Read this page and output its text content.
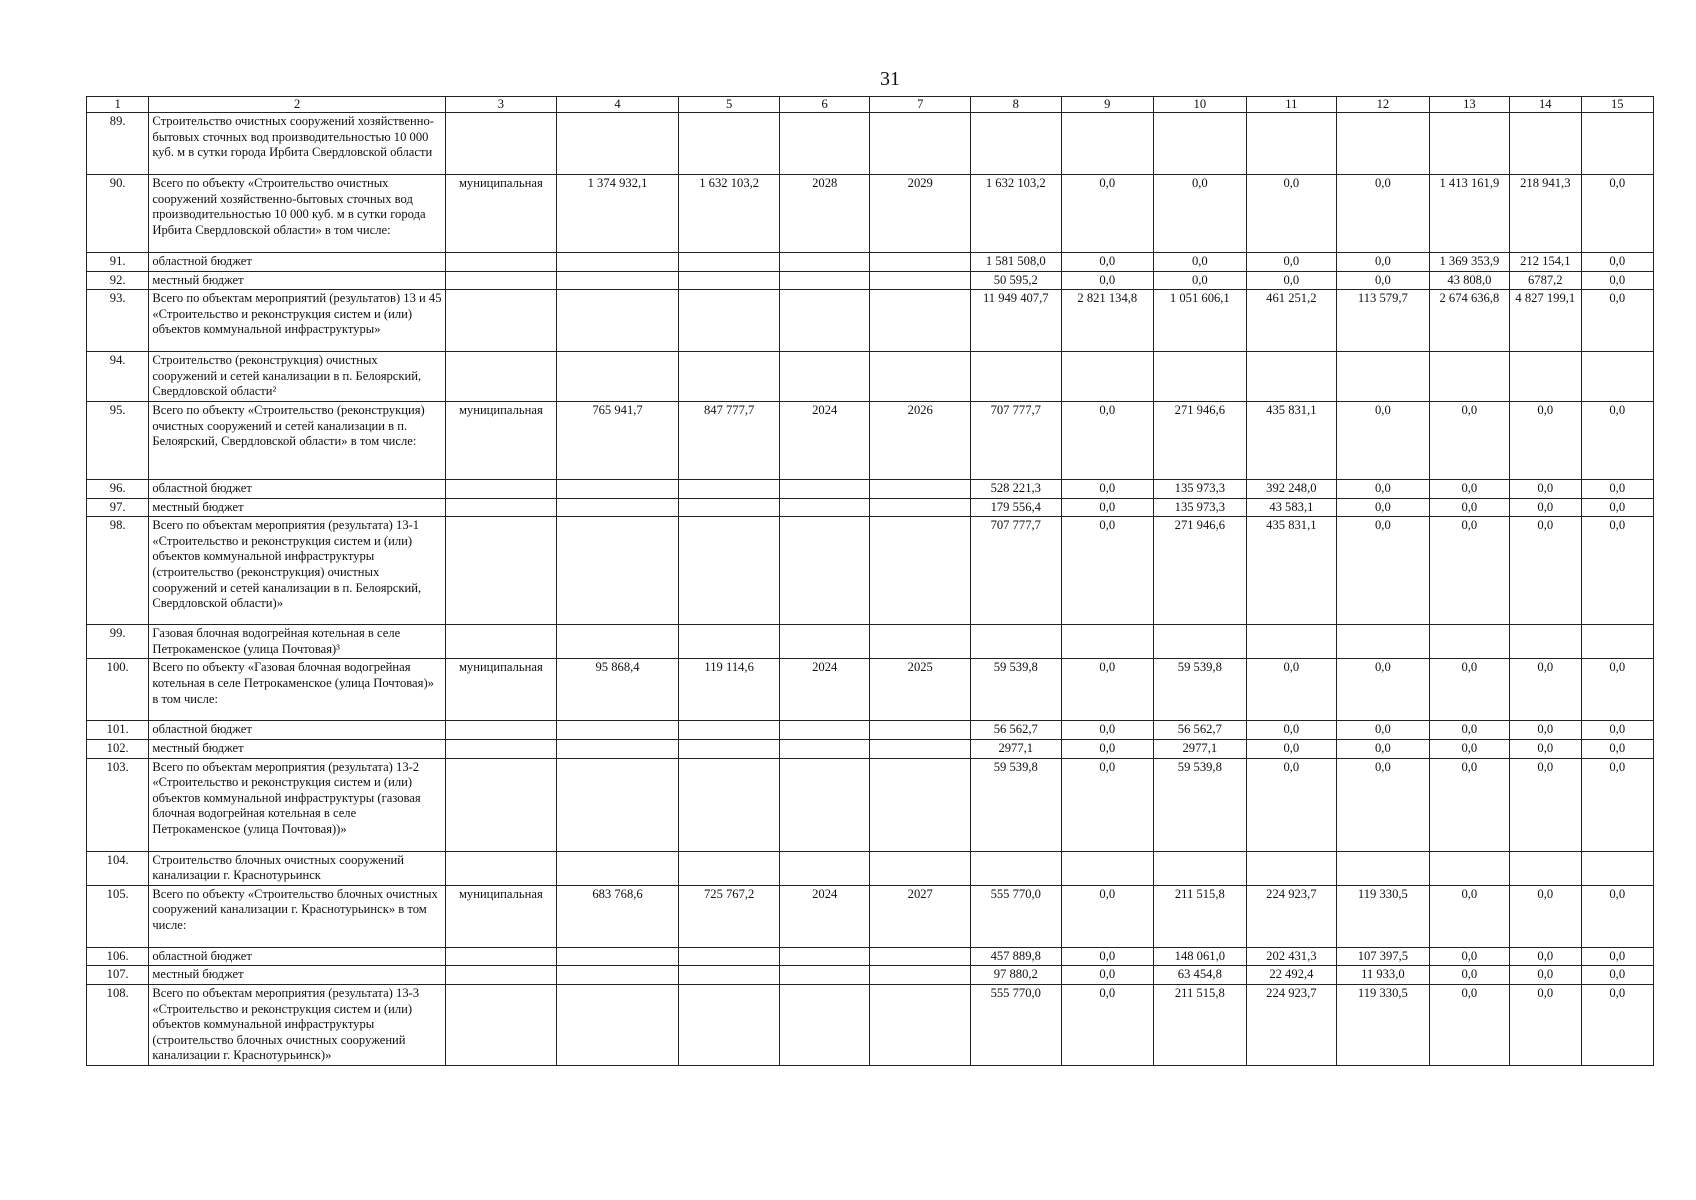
31
1	2	3	4	5	6	7	8	9	10	11	12	13	14	15
89.	Строительство очистных сооружений хозяйственно-бытовых сточных вод производительностью 10 000 куб. м в сутки города Ирбита Свердловской области													
90.	Всего по объекту «Строительство очистных сооружений хозяйственно-бытовых сточных вод производительностью 10 000 куб. м в сутки города Ирбита Свердловской области» в том числе:	муниципальная	1 374 932,1	1 632 103,2	2028	2029	1 632 103,2	0,0	0,0	0,0	0,0	1 413 161,9	218 941,3	0,0
91.	областной бюджет						1 581 508,0	0,0	0,0	0,0	0,0	1 369 353,9	212 154,1	0,0
92.	местный бюджет						50 595,2	0,0	0,0	0,0	0,0	43 808,0	6787,2	0,0
93.	Всего по объектам мероприятий (результатов) 13 и 45 «Строительство и реконструкция систем и (или) объектов коммунальной инфраструктуры»						11 949 407,7	2 821 134,8	1 051 606,1	461 251,2	113 579,7	2 674 636,8	4 827 199,1	0,0
94.	Строительство (реконструкция) очистных сооружений и сетей канализации в п. Белоярский, Свердловской области²													
95.	Всего по объекту «Строительство (реконструкция) очистных сооружений и сетей канализации в п. Белоярский, Свердловской области» в том числе:	муниципальная	765 941,7	847 777,7	2024	2026	707 777,7	0,0	271 946,6	435 831,1	0,0	0,0	0,0	0,0
96.	областной бюджет						528 221,3	0,0	135 973,3	392 248,0	0,0	0,0	0,0	0,0
97.	местный бюджет						179 556,4	0,0	135 973,3	43 583,1	0,0	0,0	0,0	0,0
98.	Всего по объектам мероприятия (результата) 13-1 «Строительство и реконструкция систем и (или) объектов коммунальной инфраструктуры (строительство (реконструкция) очистных сооружений и сетей канализации в п. Белоярский, Свердловской области)»						707 777,7	0,0	271 946,6	435 831,1	0,0	0,0	0,0	0,0
99.	Газовая блочная водогрейная котельная в селе Петрокаменское (улица Почтовая)³													
100.	Всего по объекту «Газовая блочная водогрейная котельная в селе Петрокаменское (улица Почтовая)» в том числе:	муниципальная	95 868,4	119 114,6	2024	2025	59 539,8	0,0	59 539,8	0,0	0,0	0,0	0,0	0,0
101.	областной бюджет						56 562,7	0,0	56 562,7	0,0	0,0	0,0	0,0	0,0
102.	местный бюджет						2977,1	0,0	2977,1	0,0	0,0	0,0	0,0	0,0
103.	Всего по объектам мероприятия (результата) 13-2 «Строительство и реконструкция систем и (или) объектов коммунальной инфраструктуры (газовая блочная водогрейная котельная в селе Петрокаменское (улица Почтовая))»						59 539,8	0,0	59 539,8	0,0	0,0	0,0	0,0	0,0
104.	Строительство блочных очистных сооружений канализации г. Краснотурьинск													
105.	Всего по объекту «Строительство блочных очистных сооружений канализации г. Краснотурьинск» в том числе:	муниципальная	683 768,6	725 767,2	2024	2027	555 770,0	0,0	211 515,8	224 923,7	119 330,5	0,0	0,0	0,0
106.	областной бюджет						457 889,8	0,0	148 061,0	202 431,3	107 397,5	0,0	0,0	0,0
107.	местный бюджет						97 880,2	0,0	63 454,8	22 492,4	11 933,0	0,0	0,0	0,0
108.	Всего по объектам мероприятия (результата) 13-3 «Строительство и реконструкция систем и (или) объектов коммунальной инфраструктуры (строительство блочных очистных сооружений канализации г. Краснотурьинск)»						555 770,0	0,0	211 515,8	224 923,7	119 330,5	0,0	0,0	0,0
